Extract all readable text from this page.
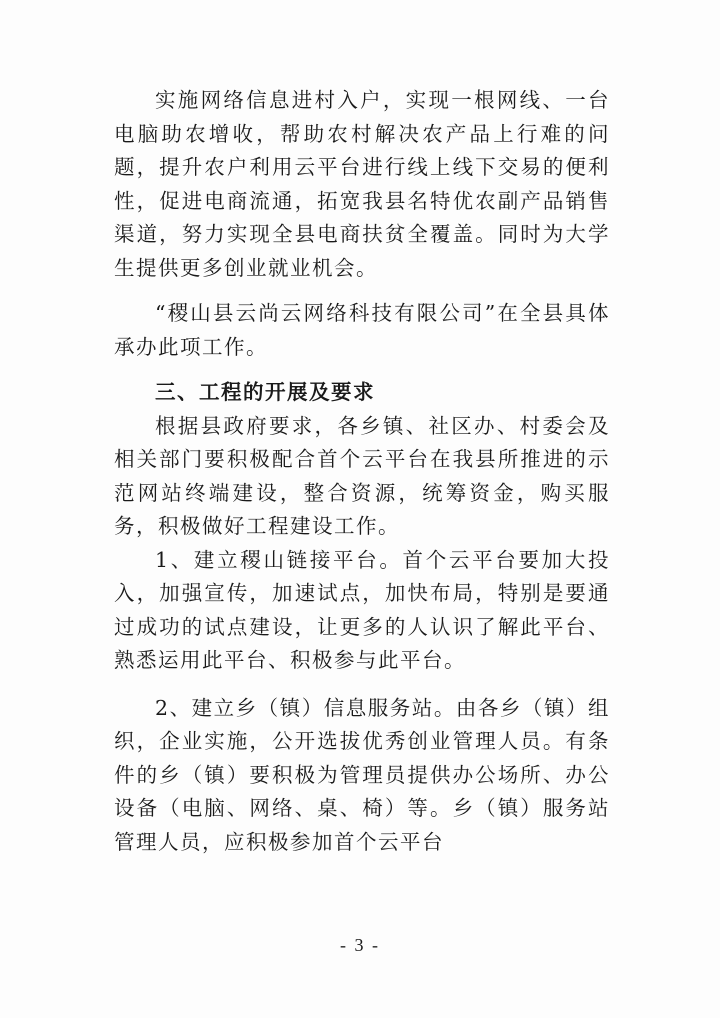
实施网络信息进村入户，实现一根网线、一台电脑助农增收，帮助农村解决农产品上行难的问题，提升农户利用云平台进行线上线下交易的便利性，促进电商流通，拓宽我县名特优农副产品销售渠道，努力实现全县电商扶贫全覆盖。同时为大学生提供更多创业就业机会。

“稷山县云尚云网络科技有限公司”在全县具体承办此项工作。

三、工程的开展及要求

根据县政府要求，各乡镇、社区办、村委会及相关部门要积极配合首个云平台在我县所推进的示范网站终端建设，整合资源，统筹资金，购买服务，积极做好工程建设工作。

1、建立稷山链接平台。首个云平台要加大投入，加强宣传，加速试点，加快布局，特别是要通过成功的试点建设，让更多的人认识了解此平台、熟悉运用此平台、积极参与此平台。

2、建立乡（镇）信息服务站。由各乡（镇）组织，企业实施，公开选拔优秀创业管理人员。有条件的乡（镇）要积极为管理员提供办公场所、办公设备（电脑、网络、桌、椅）等。乡（镇）服务站管理人员，应积极参加首个云平台

- 3 -
